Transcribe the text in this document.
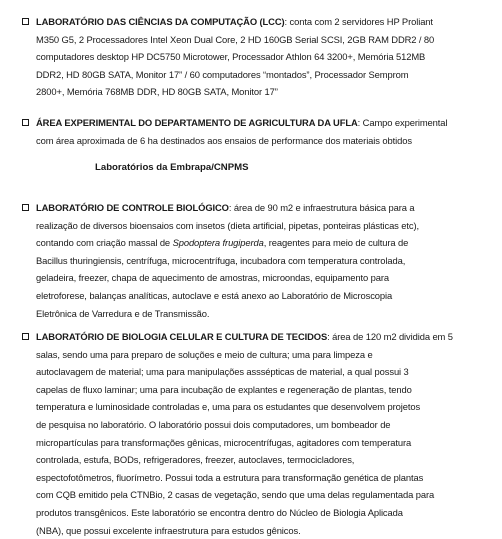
LABORATÓRIO DAS CIÊNCIAS DA COMPUTAÇÃO (LCC): conta com 2 servidores HP Proliant
M350 G5, 2 Processadores Intel Xeon Dual Core, 2 HD 160GB Serial SCSI, 2GB RAM DDR2 / 80
computadores desktop HP DC5750 Microtower, Processador Athlon 64 3200+, Memória 512MB
DDR2, HD 80GB SATA, Monitor 17” / 60 computadores “montados”, Processador Semprom
2800+, Memória 768MB DDR, HD 80GB SATA, Monitor 17”
ÁREA EXPERIMENTAL DO DEPARTAMENTO DE AGRICULTURA DA UFLA: Campo experimental
com área aproximada de 6 ha destinados aos ensaios de performance dos materiais obtidos
Laboratórios da Embrapa/CNPMS
LABORATÓRIO DE CONTROLE BIOLÓGICO: área de 90 m2 e infraestrutura básica para a
realização de diversos bioensaios com insetos (dieta artificial, pipetas, ponteiras plásticas etc),
contando com criação massal de Spodoptera frugiperda, reagentes para meio de cultura de
Bacillus thuringiensis, centrífuga, microcentrífuga, incubadora com temperatura controlada,
geladeira, freezer, chapa de aquecimento de amostras, microondas, equipamento para
eletroforese, balanças analíticas, autoclave e está anexo ao Laboratório de Microscopia
Eletrônica de Varredura e de Transmissão.
LABORATÓRIO DE BIOLOGIA CELULAR E CULTURA DE TECIDOS: área de 120 m2 dividida em 5
salas, sendo uma para preparo de soluções e meio de cultura; uma para limpeza e
autoclavagem de material; uma para manipulações asssépticas de material, a qual possui 3
capelas de fluxo laminar; uma para incubação de explantes e regeneração de plantas, tendo
temperatura e luminosidade controladas e, uma para os estudantes que desenvolvem projetos
de pesquisa no laboratório. O laboratório possui dois computadores, um bombeador de
micropartículas para transformações gênicas, microcentrífugas, agitadores com temperatura
controlada, estufa, BODs, refrigeradores, freezer, autoclaves, termocicladores,
espectofotômetros, fluorímetro. Possui toda a estrutura para transformação genética de plantas
com CQB emitido pela CTNBio, 2 casas de vegetação, sendo que uma delas regulamentada para
produtos transgênicos. Este laboratório se encontra dentro do Núcleo de Biologia Aplicada
(NBA), que possui excelente infraestrutura para estudos gênicos.
